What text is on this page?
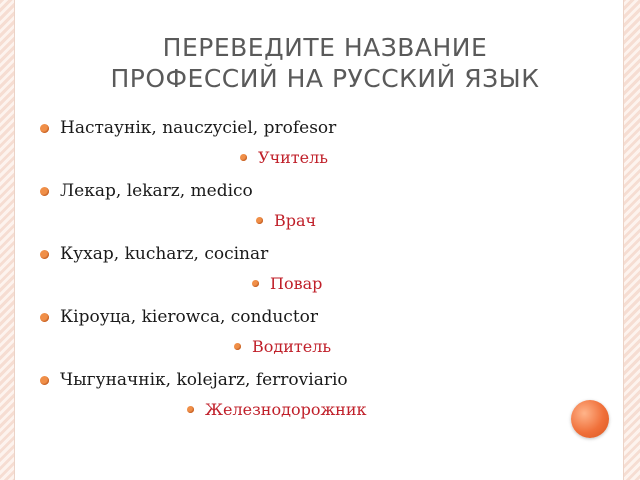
ПЕРЕВЕДИТЕ НАЗВАНИЕ
ПРОФЕССИЙ НА РУССКИЙ ЯЗЫК
Настаунік, nauczyciel, profesor
Учитель
Лекар, lekarz, medico
Врач
Кухар, kucharz, cocinar
Повар
Кіроуца, kierowca, conductor
Водитель
Чыгуначнік, kolejarz, ferroviario
Железнодорожник
